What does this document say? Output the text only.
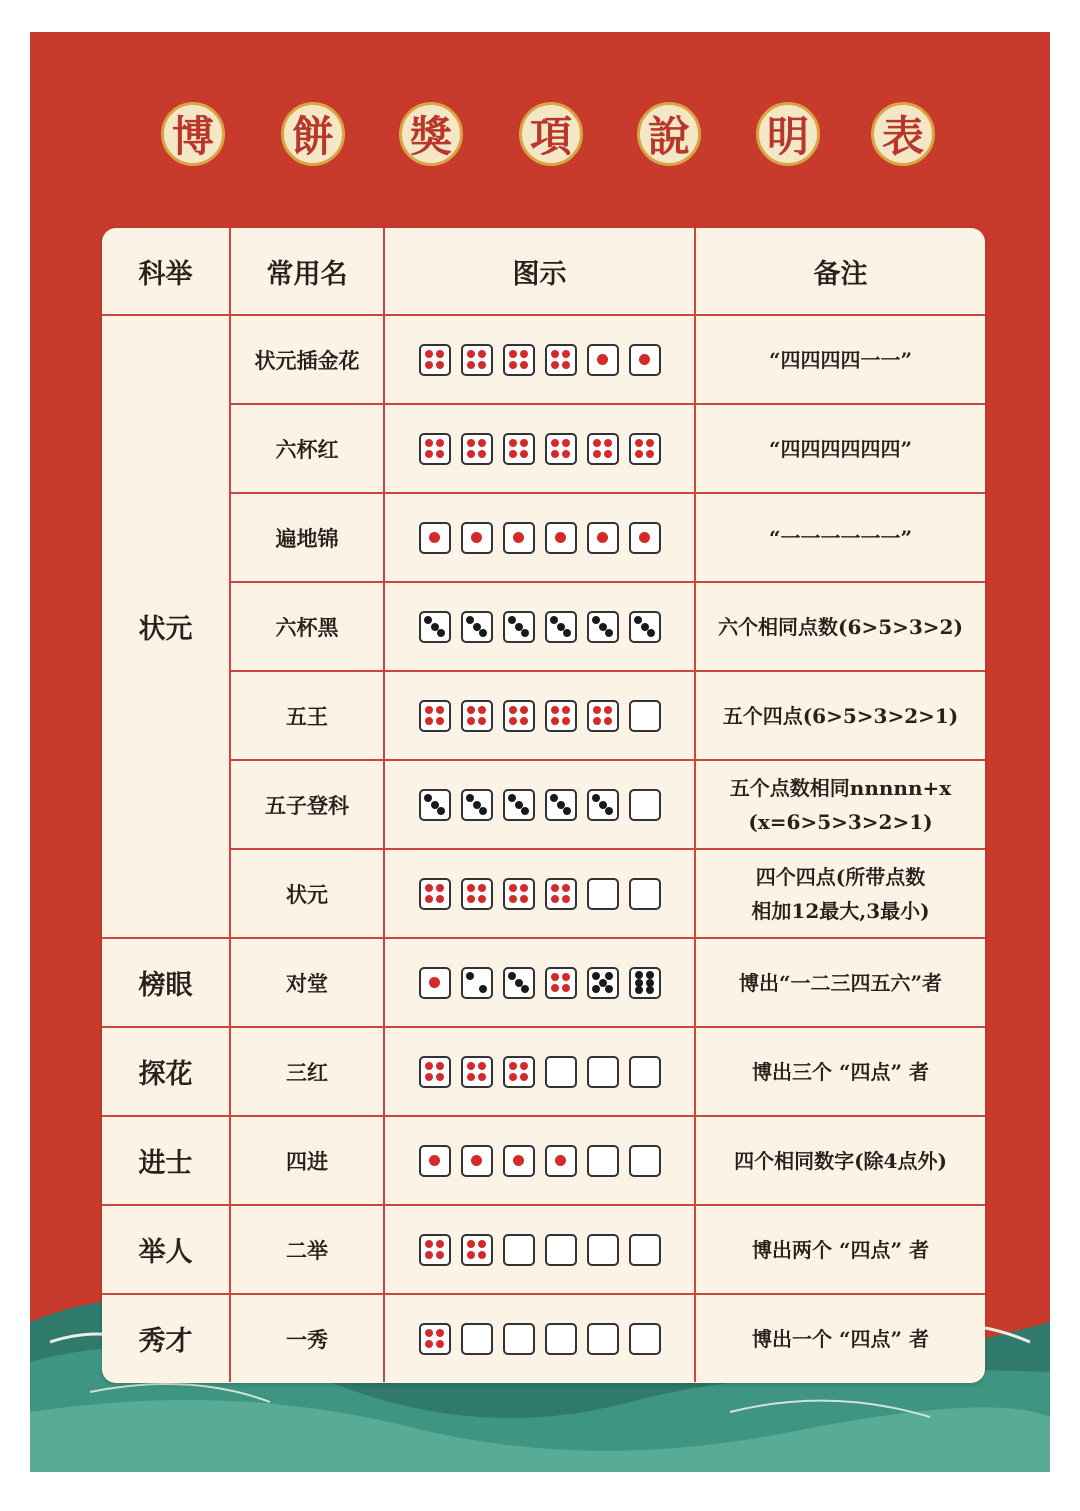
博 餅 獎 項 說 明 表
科举	常用名	图示	备注
状元	状元插金花		“四四四四一一”

	六杯红		“四四四四四四”

	遍地锦		“一一一一一一”

	六杯黑		六个相同点数(6>5>3>2)

	五王		五个四点(6>5>3>2>1)

	五子登科		五个点数相同nnnnn+x
(x=6>5>3>2>1)

	状元		四个四点(所带点数
相加12最大,3最小)

榜眼	对堂		博出“一二三四五六”者

探花	三红		博出三个 “四点” 者

进士	四进		四个相同数字(除4点外)

举人	二举		博出两个 “四点” 者

秀才	一秀		博出一个 “四点” 者
